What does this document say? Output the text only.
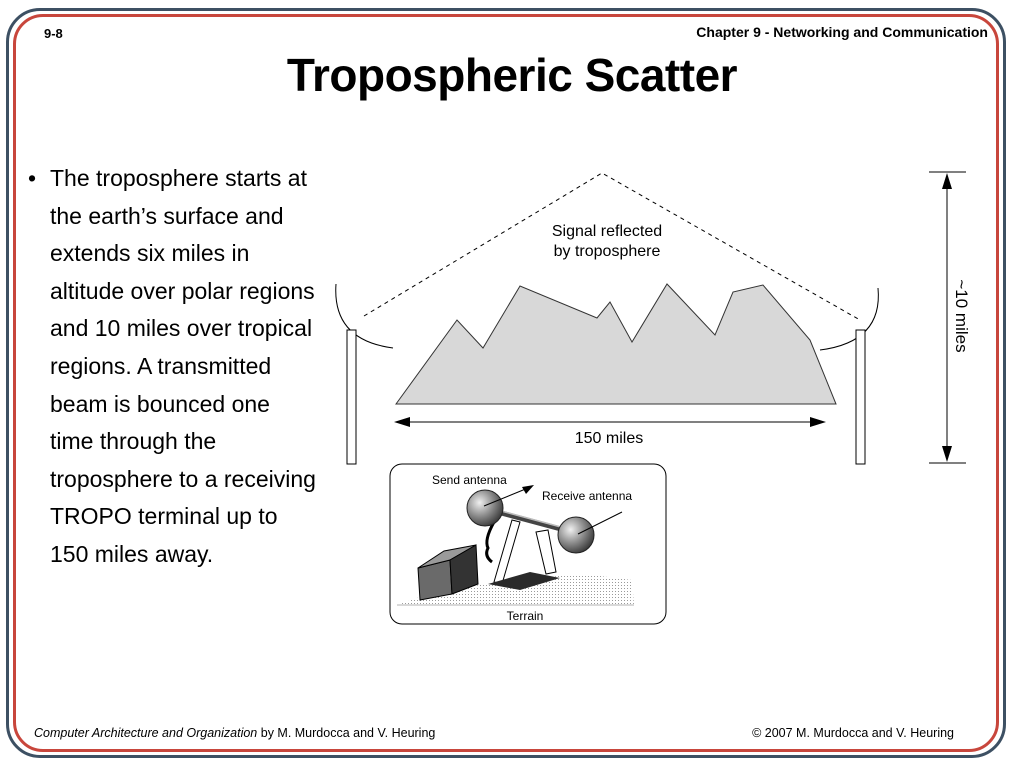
9-8	Chapter 9 - Networking and Communication
Tropospheric Scatter
• The troposphere starts at the earth’s surface and extends six miles in altitude over polar regions and 10 miles over tropical regions. A transmitted beam is bounced one time through the troposphere to a receiving TROPO terminal up to 150 miles away.
Signal reflected
by troposphere
150 miles
~10 miles
Send antenna
Receive antenna
Terrain
Computer Architecture and Organization by M. Murdocca and V. Heuring	© 2007 M. Murdocca and V. Heuring
